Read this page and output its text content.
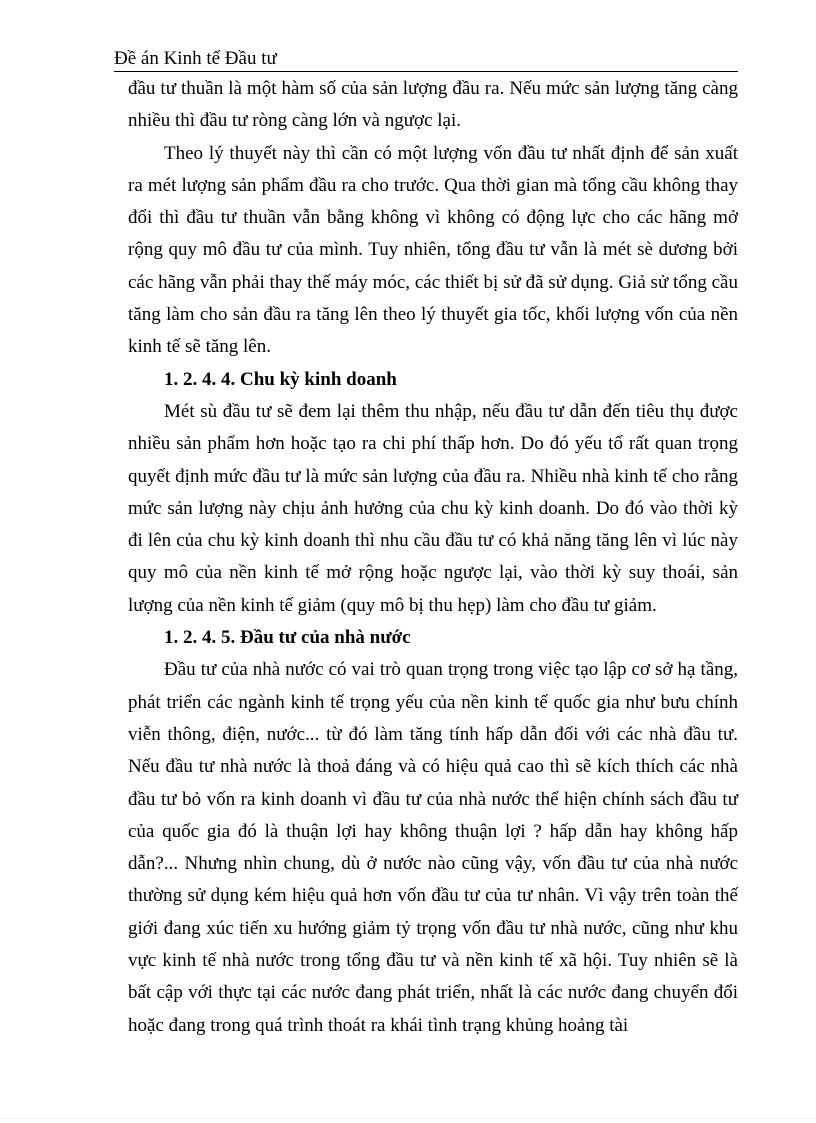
Đề án Kinh tế Đầu tư

đầu tư thuần là một hàm số của sản lượng đầu ra. Nếu mức sản lượng tăng càng nhiều thì đầu tư ròng càng lớn và ngược lại.

Theo lý thuyết này thì cần có một lượng vốn đầu tư nhất định để sản xuất ra mét lượng sản phẩm đầu ra cho trước. Qua thời gian mà tổng cầu không thay đổi thì đầu tư thuần vẫn bằng không vì không có động lực cho các hãng mở rộng quy mô đầu tư của mình. Tuy nhiên, tổng đầu tư vẫn là mét sè dương bởi các hãng vẫn phải thay thế máy móc, các thiết bị sử đã sử dụng. Giả sử tổng cầu tăng làm cho sản đầu ra tăng lên theo lý thuyết gia tốc, khối lượng vốn của nền kinh tế sẽ tăng lên.

1. 2. 4. 4. Chu kỳ kinh doanh

Mét sù đầu tư sẽ đem lại thêm thu nhập, nếu đầu tư dẫn đến tiêu thụ được nhiều sản phẩm hơn hoặc tạo ra chi phí thấp hơn. Do đó yếu tố rất quan trọng quyết định mức đầu tư là mức sản lượng của đầu ra. Nhiều nhà kinh tế cho rằng mức sản lượng này chịu ảnh hưởng của chu kỳ kinh doanh. Do đó vào thời kỳ đi lên của chu kỳ kinh doanh thì nhu cầu đầu tư có khả năng tăng lên vì lúc này quy mô của nền kinh tế mở rộng hoặc ngược lại, vào thời kỳ suy thoái, sản lượng của nền kinh tế giảm (quy mô bị thu hẹp) làm cho đầu tư giảm.

1. 2. 4. 5. Đầu tư của nhà nước

Đầu tư của nhà nước có vai trò quan trọng trong việc tạo lập cơ sở hạ tầng, phát triển các ngành kinh tế trọng yếu của nền kinh tế quốc gia như bưu chính viễn thông, điện, nước... từ đó làm tăng tính hấp dẫn đối với các nhà đầu tư. Nếu đầu tư nhà nước là thoả đáng và có hiệu quả cao thì sẽ kích thích các nhà đầu tư bỏ vốn ra kinh doanh vì đầu tư của nhà nước thể hiện chính sách đầu tư của quốc gia đó là thuận lợi hay không thuận lợi ? hấp dẫn hay không hấp dẫn?... Nhưng nhìn chung, dù ở nước nào cũng vậy, vốn đầu tư của nhà nước thường sử dụng kém hiệu quả hơn vốn đầu tư của tư nhân. Vì vậy trên toàn thế giới đang xúc tiến xu hướng giảm tỷ trọng vốn đầu tư nhà nước, cũng như khu vực kinh tế nhà nước trong tổng đầu tư và nền kinh tế xã hội. Tuy nhiên sẽ là bất cập với thực tại các nước đang phát triển, nhất là các nước đang chuyển đổi hoặc đang trong quá trình thoát ra khái tình trạng khủng hoảng tài
